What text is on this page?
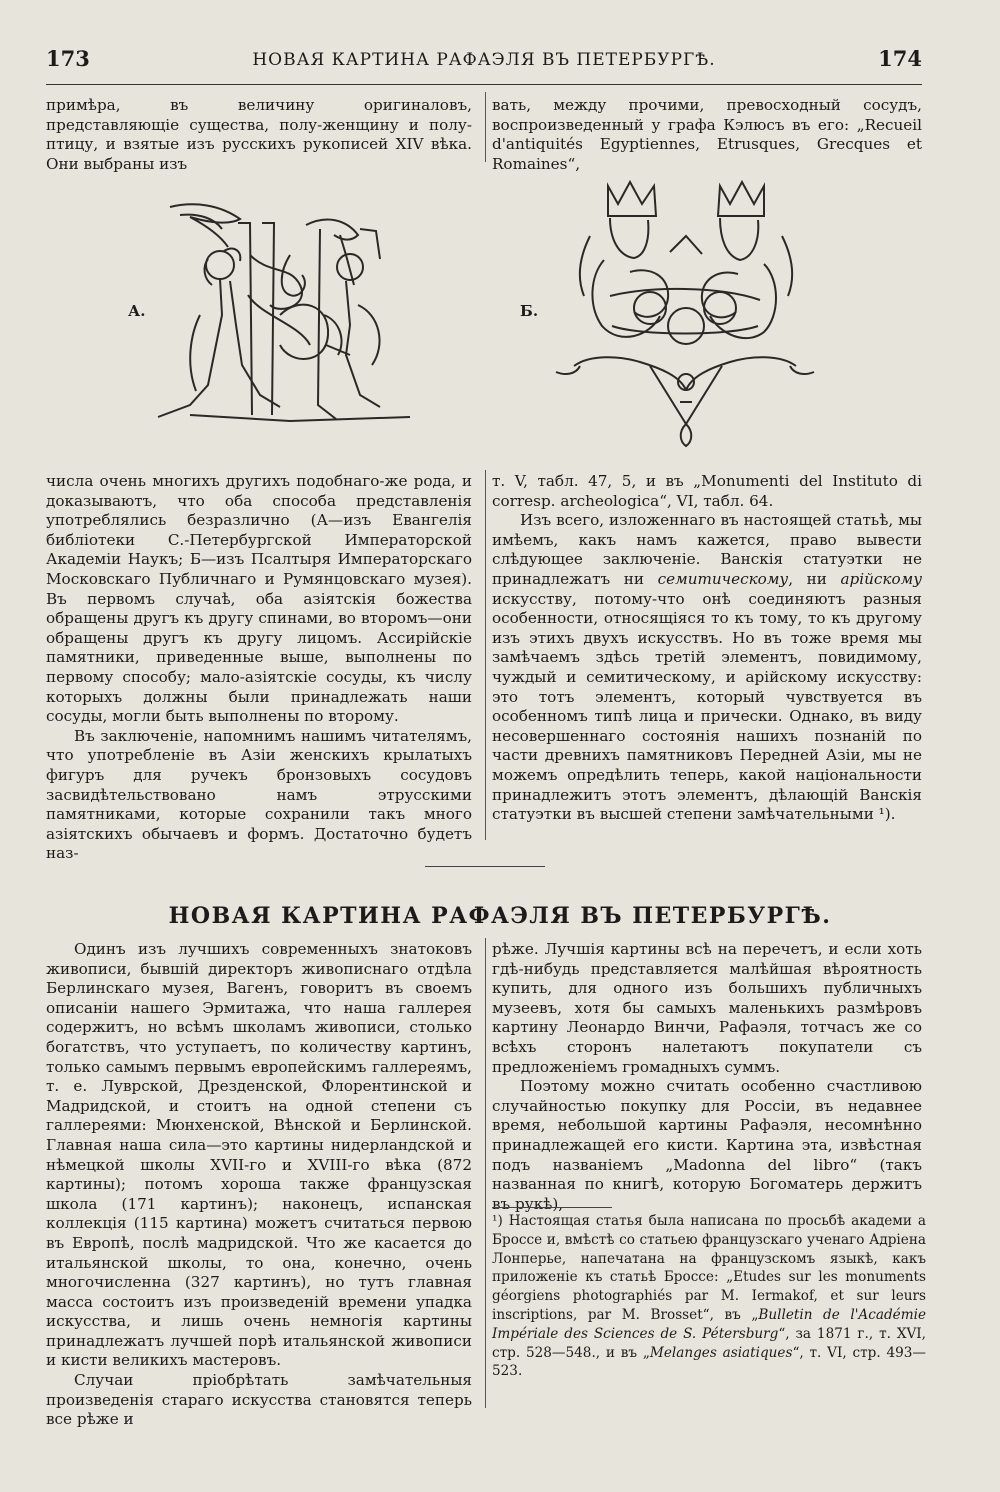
173	НОВАЯ КАРТИНА РАФАЭЛЯ ВЪ ПЕТЕРБУРГѢ.	174

примѣра, въ величину оригиналовъ, представляющіе существа, полу-женщину и полу-птицу, и взятые изъ русскихъ рукописей XIV вѣка. Они выбраны изъ

вать, между прочими, превосходный сосудъ, воспроизведенный у графа Кэлюсъ въ его: „Recueil d'antiquités Egyptiennes, Etrusques, Grecques et Romaines“,

А.	Б.

числа очень многихъ другихъ подобнаго-же рода, и доказываютъ, что оба способа представленія употреблялись безразлично (А—изъ Евангелія библіотеки С.-Петербургской Императорской Академіи Наукъ; Б—изъ Псалтыря Императорскаго Московскаго Публичнаго и Румянцовскаго музея). Въ первомъ случаѣ, оба азіятскія божества обращены другъ къ другу спинами, во второмъ—они обращены другъ къ другу лицомъ. Ассирійскіе памятники, приведенные выше, выполнены по первому способу; мало-азіятскіе сосуды, къ числу которыхъ должны были принадлежать наши сосуды, могли быть выполнены по второму.

Въ заключеніе, напомнимъ нашимъ читателямъ, что употребленіе въ Азіи женскихъ крылатыхъ фигуръ для ручекъ бронзовыхъ сосудовъ засвидѣтельствовано намъ этрусскими памятниками, которые сохранили такъ много азіятскихъ обычаевъ и формъ. Достаточно будетъ наз-

т. V, табл. 47, 5, и въ „Monumenti del Instituto di corresp. archeologica“, VI, табл. 64.

Изъ всего, изложеннаго въ настоящей статьѣ, мы имѣемъ, какъ намъ кажется, право вывести слѣдующее заключеніе. Ванскія статуэтки не принадлежатъ ни семитическому, ни арійскому искусству, потому-что онѣ соединяютъ разныя особенности, относящіяся то къ тому, то къ другому изъ этихъ двухъ искусствъ. Но въ тоже время мы замѣчаемъ здѣсь третій элементъ, повидимому, чуждый и семитическому, и арійскому искусству: это тотъ элементъ, который чувствуется въ особенномъ типѣ лица и прически. Однако, въ виду несовершеннаго состоянія нашихъ познаній по части древнихъ памятниковъ Передней Азіи, мы не можемъ опредѣлить теперь, какой національности принадлежитъ этотъ элементъ, дѣлающій Ванскія статуэтки въ высшей степени замѣчательными ¹).

НОВАЯ КАРТИНА РАФАЭЛЯ ВЪ ПЕТЕРБУРГѢ.

Одинъ изъ лучшихъ современныхъ знатоковъ живописи, бывшій директоръ живописнаго отдѣла Берлинскаго музея, Вагенъ, говоритъ въ своемъ описаніи нашего Эрмитажа, что наша галлерея содержитъ, но всѣмъ школамъ живописи, столько богатствъ, что уступаетъ, по количеству картинъ, только самымъ первымъ европейскимъ галлереямъ, т. е. Луврской, Дрезденской, Флорентинской и Мадридской, и стоитъ на одной степени съ галлереями: Мюнхенской, Вѣнской и Берлинской. Главная наша сила—это картины нидерландской и нѣмецкой школы XVII-го и XVIII-го вѣка (872 картины); потомъ хороша также французская школа (171 картинъ); наконецъ, испанская коллекція (115 картина) можетъ считаться первою въ Европѣ, послѣ мадридской. Что же касается до итальянской школы, то она, конечно, очень многочисленна (327 картинъ), но тутъ главная масса состоитъ изъ произведеній времени упадка искусства, и лишь очень немногія картины принадлежатъ лучшей порѣ итальянской живописи и кисти великихъ мастеровъ.

Случаи пріобрѣтать замѣчательныя произведенія стараго искусства становятся теперь все рѣже и

рѣже. Лучшія картины всѣ на перечетъ, и если хоть гдѣ-нибудь представляется малѣйшая вѣроятность купить, для одного изъ большихъ публичныхъ музеевъ, хотя бы самыхъ маленькихъ размѣровъ картину Леонардо Винчи, Рафаэля, тотчасъ же со всѣхъ сторонъ налетаютъ покупатели съ предложеніемъ громадныхъ суммъ.

Поэтому можно считать особенно счастливою случайностью покупку для Россіи, въ недавнее время, небольшой картины Рафаэля, несомнѣнно принадлежащей его кисти. Картина эта, извѣстная подъ названіемъ „Madonna del libro“ (такъ названная по книгѣ, которую Богоматерь держитъ въ рукѣ),

¹) Настоящая статья была написана по просьбѣ академи а Броссе и, вмѣстѣ со статьею французскаго ученаго Адріена Лонперье, напечатана на французскомъ языкѣ, какъ приложеніе къ статьѣ Броссе: „Etudes sur les monuments géorgiens photographiés par M. Iermakof, et sur leurs inscriptions, par M. Brosset“, въ „Bulletin de l'Académie Impériale des Sciences de S. Pétersburg“, за 1871 г., т. XVI, стр. 528—548., и въ „Melanges asiatiques“, т. VI, стр. 493—523.
